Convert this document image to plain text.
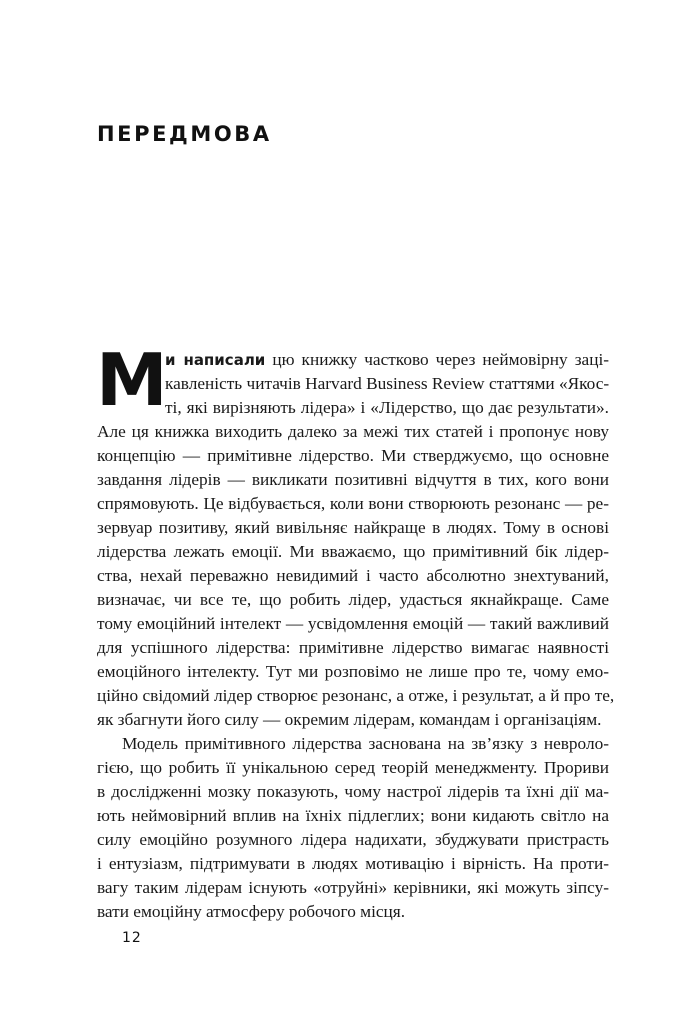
ПЕРЕДМОВА
М
и написали цю книжку частково через неймовірну заці-
кавленість читачів Harvard Business Review статтями «Якос-
ті, які вирізняють лідера» і «Лідерство, що дає результати».
Але ця книжка виходить далеко за межі тих статей і пропонує нову
концепцію — примітивне лідерство. Ми стверджуємо, що основне
завдання лідерів — викликати позитивні відчуття в тих, кого вони
спрямовують. Це відбувається, коли вони створюють резонанс — ре-
зервуар позитиву, який вивільняє найкраще в людях. Тому в основі
лідерства лежать емоції. Ми вважаємо, що примітивний бік лідер-
ства, нехай переважно невидимий і часто абсолютно знехтуваний,
визначає, чи все те, що робить лідер, удасться якнайкраще. Саме
тому емоційний інтелект — усвідомлення емоцій — такий важливий
для успішного лідерства: примітивне лідерство вимагає наявності
емоційного інтелекту. Тут ми розповімо не лише про те, чому емо-
ційно свідомий лідер створює резонанс, а отже, і результат, а й про те,
як збагнути його силу — окремим лідерам, командам і організаціям.
Модель примітивного лідерства заснована на зв’язку з невроло-
гією, що робить її унікальною серед теорій менеджменту. Прориви
в дослідженні мозку показують, чому настрої лідерів та їхні дії ма-
ють неймовірний вплив на їхніх підлеглих; вони кидають світло на
силу емоційно розумного лідера надихати, збуджувати пристрасть
і ентузіазм, підтримувати в людях мотивацію і вірність. На проти-
вагу таким лідерам існують «отруйні» керівники, які можуть зіпсу-
вати емоційну атмосферу робочого місця.
12
